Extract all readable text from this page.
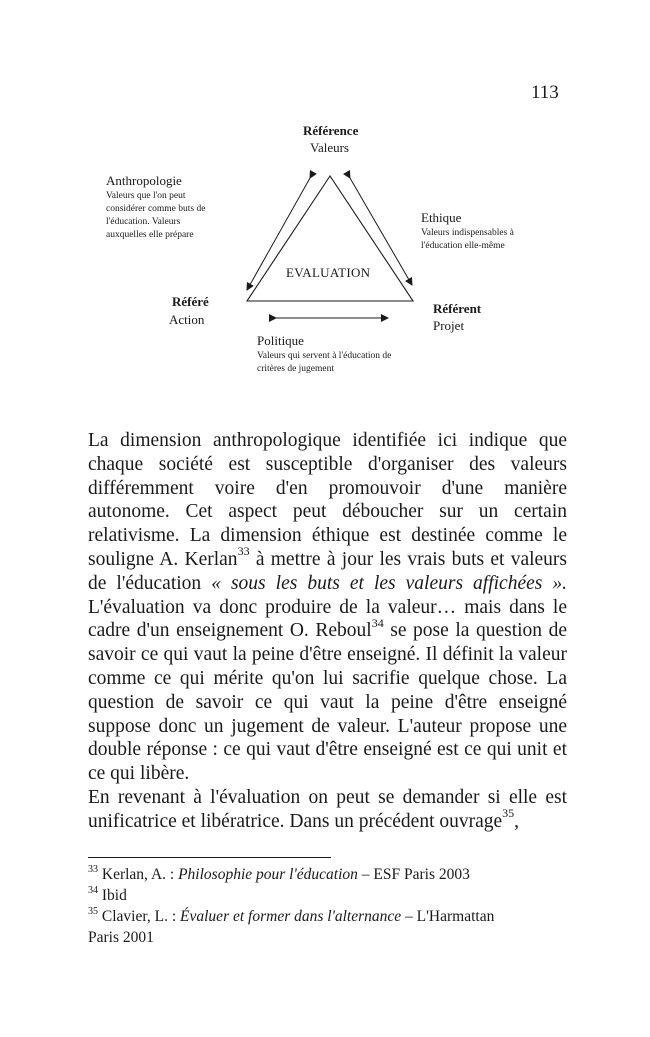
113
Référence
Valeurs
Anthropologie
Valeurs que l'on peut
considérer comme buts de
l'éducation. Valeurs
auxquelles elle prépare
Ethique
Valeurs indispensables à
l'éducation elle-même
EVALUATION
Référé
Action
Référent
Projet
Politique
Valeurs qui servent à l'éducation de
critères de jugement

La dimension anthropologique identifiée ici indique que chaque société est susceptible d'organiser des valeurs différemment voire d'en promouvoir d'une manière autonome. Cet aspect peut déboucher sur un certain relativisme. La dimension éthique est destinée comme le souligne A. Kerlan$^{33}$ à mettre à jour les vrais buts et valeurs de l'éducation « sous les buts et les valeurs affichées ». L'évaluation va donc produire de la valeur… mais dans le cadre d'un enseignement O. Reboul$^{34}$ se pose la question de savoir ce qui vaut la peine d'être enseigné. Il définit la valeur comme ce qui mérite qu'on lui sacrifie quelque chose. La question de savoir ce qui vaut la peine d'être enseigné suppose donc un jugement de valeur. L'auteur propose une double réponse : ce qui vaut d'être enseigné est ce qui unit et ce qui libère.

En revenant à l'évaluation on peut se demander si elle est unificatrice et libératrice. Dans un précédent ouvrage$^{35}$,

$^{33}$ Kerlan, A. : Philosophie pour l'éducation – ESF Paris 2003
$^{34}$ Ibid
$^{35}$ Clavier, L. : Évaluer et former dans l'alternance – L'Harmattan
Paris 2001
